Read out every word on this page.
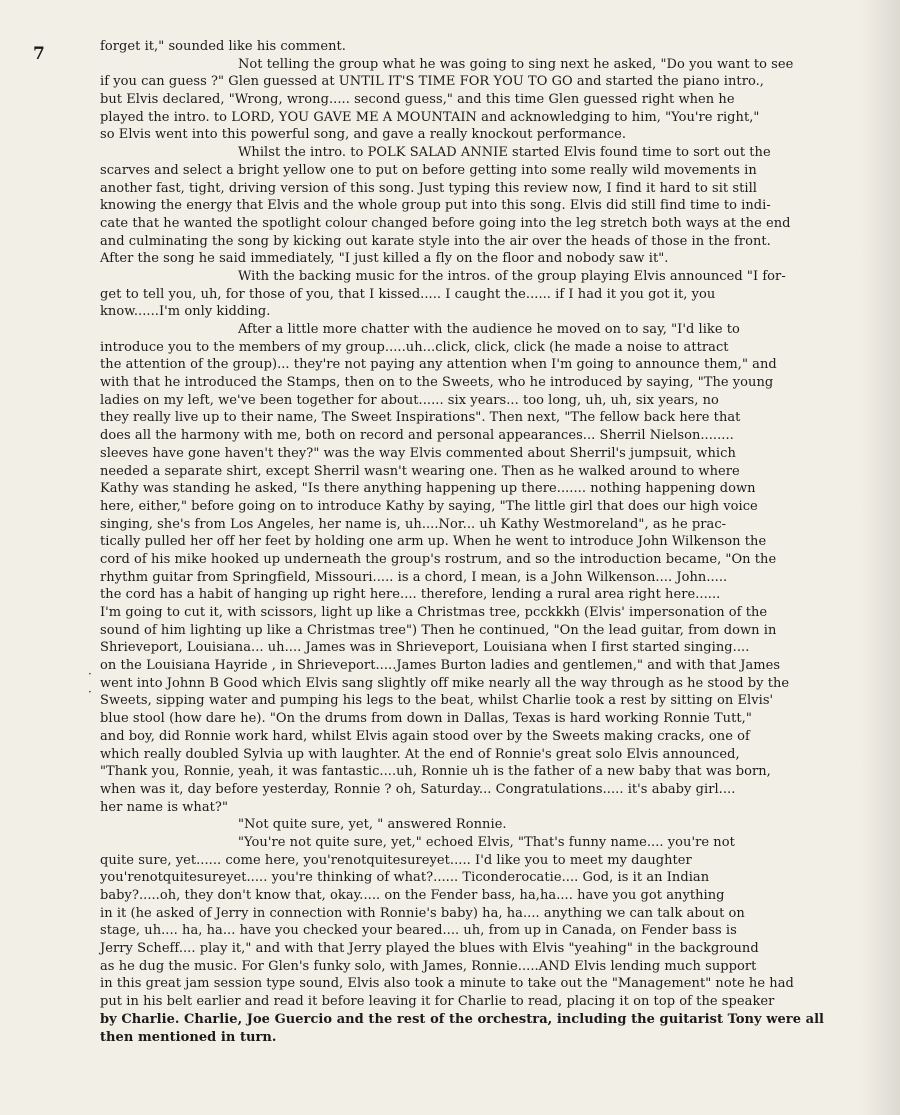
7	forget it," sounded like his comment.
Not telling the group what he was going to sing next he asked, "Do you want to see
if you can guess ?" Glen guessed at UNTIL IT'S TIME FOR YOU TO GO and started the piano intro.,
but Elvis declared, "Wrong, wrong..... second guess," and this time Glen guessed right when he
played the intro. to LORD, YOU GAVE ME A MOUNTAIN and acknowledging to him, "You're right,"
so Elvis went into this powerful song, and gave a really knockout performance.
Whilst the intro. to POLK SALAD ANNIE started Elvis found time to sort out the
scarves and select a bright yellow one to put on before getting into some really wild movements in
another fast, tight, driving version of this song. Just typing this review now, I find it hard to sit still
knowing the energy that Elvis and the whole group put into this song. Elvis did still find time to indi-
cate that he wanted the spotlight colour changed before going into the leg stretch both ways at the end
and culminating the song by kicking out karate style into the air over the heads of those in the front.
After the song he said immediately, "I just killed a fly on the floor and nobody saw it".
With the backing music for the intros. of the group playing Elvis announced "I for-
get to tell you, uh, for those of you, that I kissed..... I caught the...... if I had it you got it, you
know......I'm only kidding.
After a little more chatter with the audience he moved on to say, "I'd like to
introduce you to the members of my group.....uh...click, click, click (he made a noise to attract
the attention of the group)... they're not paying any attention when I'm going to announce them," and
with that he introduced the Stamps, then on to the Sweets, who he introduced by saying, "The young
ladies on my left, we've been together for about...... six years... too long, uh, uh, six years, no
they really live up to their name, The Sweet Inspirations". Then next, "The fellow back here that
does all the harmony with me, both on record and personal appearances... Sherril Nielson........
sleeves have gone haven't they?" was the way Elvis commented about Sherril's jumpsuit, which
needed a separate shirt, except Sherril wasn't wearing one. Then as he walked around to where
Kathy was standing he asked, "Is there anything happening up there....... nothing happening down
here, either," before going on to introduce Kathy by saying, "The little girl that does our high voice
singing, she's from Los Angeles, her name is, uh....Nor... uh Kathy Westmoreland", as he prac-
tically pulled her off her feet by holding one arm up. When he went to introduce John Wilkenson the
cord of his mike hooked up underneath the group's rostrum, and so the introduction became, "On the
rhythm guitar from Springfield, Missouri..... is a chord, I mean, is a John Wilkenson.... John.....
the cord has a habit of hanging up right here.... therefore, lending a rural area right here......
I'm going to cut it, with scissors, light up like a Christmas tree, pcckkkh (Elvis' impersonation of the
sound of him lighting up like a Christmas tree") Then he continued, "On the lead guitar, from down in
Shrieveport, Louisiana... uh.... James was in Shrieveport, Louisiana when I first started singing....
on the Louisiana Hayride , in Shrieveport.....James Burton ladies and gentlemen," and with that James
went into Johnn B Good which Elvis sang slightly off mike nearly all the way through as he stood by the
Sweets, sipping water and pumping his legs to the beat, whilst Charlie took a rest by sitting on Elvis'
blue stool (how dare he). "On the drums from down in Dallas, Texas is hard working Ronnie Tutt,"
and boy, did Ronnie work hard, whilst Elvis again stood over by the Sweets making cracks, one of
which really doubled Sylvia up with laughter. At the end of Ronnie's great solo Elvis announced,
"Thank you, Ronnie, yeah, it was fantastic....uh, Ronnie uh is the father of a new baby that was born,
when was it, day before yesterday, Ronnie ? oh, Saturday... Congratulations..... it's ababy girl....
her name is what?"
"Not quite sure, yet, " answered Ronnie.
"You're not quite sure, yet," echoed Elvis, "That's funny name.... you're not
quite sure, yet...... come here, you'renotquitesureyet..... I'd like you to meet my daughter
you'renotquitesureyet..... you're thinking of what?...... Ticonderocatie.... God, is it an Indian
baby?.....oh, they don't know that, okay..... on the Fender bass, ha,ha.... have you got anything
in it (he asked of Jerry in connection with Ronnie's baby) ha, ha.... anything we can talk about on
stage, uh.... ha, ha... have you checked your beared.... uh, from up in Canada, on Fender bass is
Jerry Scheff.... play it," and with that Jerry played the blues with Elvis "yeahing" in the background
as he dug the music. For Glen's funky solo, with James, Ronnie.....AND Elvis lending much support
in this great jam session type sound, Elvis also took a minute to take out the "Management" note he had
put in his belt earlier and read it before leaving it for Charlie to read, placing it on top of the speaker
by Charlie. Charlie, Joe Guercio and the rest of the orchestra, including the guitarist Tony were all
then mentioned in turn.
·
·
